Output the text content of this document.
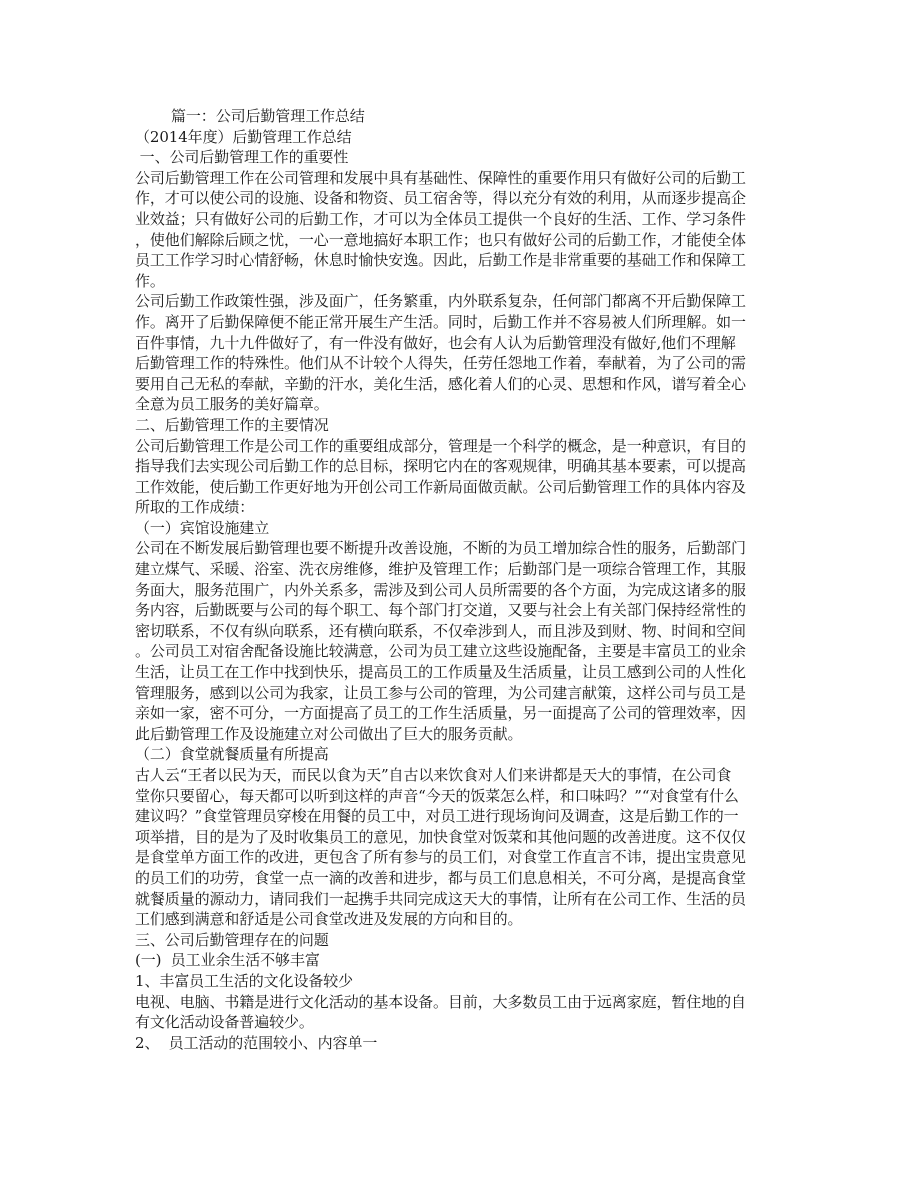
篇一：公司后勤管理工作总结
（2014年度）后勤管理工作总结
一、公司后勤管理工作的重要性
公司后勤管理工作在公司管理和发展中具有基础性、保障性的重要作用只有做好公司的后勤工
作，才可以使公司的设施、设备和物资、员工宿舍等，得以充分有效的利用，从而逐步提高企
业效益；只有做好公司的后勤工作，才可以为全体员工提供一个良好的生活、工作、学习条件
，使他们解除后顾之忧，一心一意地搞好本职工作；也只有做好公司的后勤工作，才能使全体
员工工作学习时心情舒畅，休息时愉快安逸。因此，后勤工作是非常重要的基础工作和保障工
作。
公司后勤工作政策性强，涉及面广，任务繁重，内外联系复杂，任何部门都离不开后勤保障工
作。离开了后勤保障便不能正常开展生产生活。同时，后勤工作并不容易被人们所理解。如一
百件事情，九十九件做好了，有一件没有做好，也会有人认为后勤管理没有做好,他们不理解
后勤管理工作的特殊性。他们从不计较个人得失，任劳任怨地工作着，奉献着，为了公司的需
要用自己无私的奉献，辛勤的汗水，美化生活，感化着人们的心灵、思想和作风，谱写着全心
全意为员工服务的美好篇章。
二、后勤管理工作的主要情况
公司后勤管理工作是公司工作的重要组成部分，管理是一个科学的概念，是一种意识，有目的
指导我们去实现公司后勤工作的总目标，探明它内在的客观规律，明确其基本要素，可以提高
工作效能，使后勤工作更好地为开创公司工作新局面做贡献。公司后勤管理工作的具体内容及
所取的工作成绩：
（一）宾馆设施建立
公司在不断发展后勤管理也要不断提升改善设施，不断的为员工增加综合性的服务，后勤部门
建立煤气、采暖、浴室、洗衣房维修，维护及管理工作；后勤部门是一项综合管理工作，其服
务面大，服务范围广，内外关系多，需涉及到公司人员所需要的各个方面，为完成这诸多的服
务内容，后勤既要与公司的每个职工、每个部门打交道，又要与社会上有关部门保持经常性的
密切联系，不仅有纵向联系，还有横向联系，不仅牵涉到人，而且涉及到财、物、时间和空间
。公司员工对宿舍配备设施比较满意，公司为员工建立这些设施配备，主要是丰富员工的业余
生活，让员工在工作中找到快乐，提高员工的工作质量及生活质量，让员工感到公司的人性化
管理服务，感到以公司为我家，让员工参与公司的管理，为公司建言献策，这样公司与员工是
亲如一家，密不可分，一方面提高了员工的工作生活质量，另一面提高了公司的管理效率，因
此后勤管理工作及设施建立对公司做出了巨大的服务贡献。
（二）食堂就餐质量有所提高
古人云“王者以民为天，而民以食为天”自古以来饮食对人们来讲都是天大的事情，在公司食
堂你只要留心，每天都可以听到这样的声音“今天的饭菜怎么样，和口味吗？”“对食堂有什么
建议吗？”食堂管理员穿梭在用餐的员工中，对员工进行现场询问及调查，这是后勤工作的一
项举措，目的是为了及时收集员工的意见，加快食堂对饭菜和其他问题的改善进度。这不仅仅
是食堂单方面工作的改进，更包含了所有参与的员工们，对食堂工作直言不讳，提出宝贵意见
的员工们的功劳，食堂一点一滴的改善和进步，都与员工们息息相关，不可分离，是提高食堂
就餐质量的源动力，请同我们一起携手共同完成这天大的事情，让所有在公司工作、生活的员
工们感到满意和舒适是公司食堂改进及发展的方向和目的。
三、公司后勤管理存在的问题
(一)  员工业余生活不够丰富
1、丰富员工生活的文化设备较少
电视、电脑、书籍是进行文化活动的基本设备。目前，大多数员工由于远离家庭，暂住地的自
有文化活动设备普遍较少。
2、  员工活动的范围较小、内容单一
